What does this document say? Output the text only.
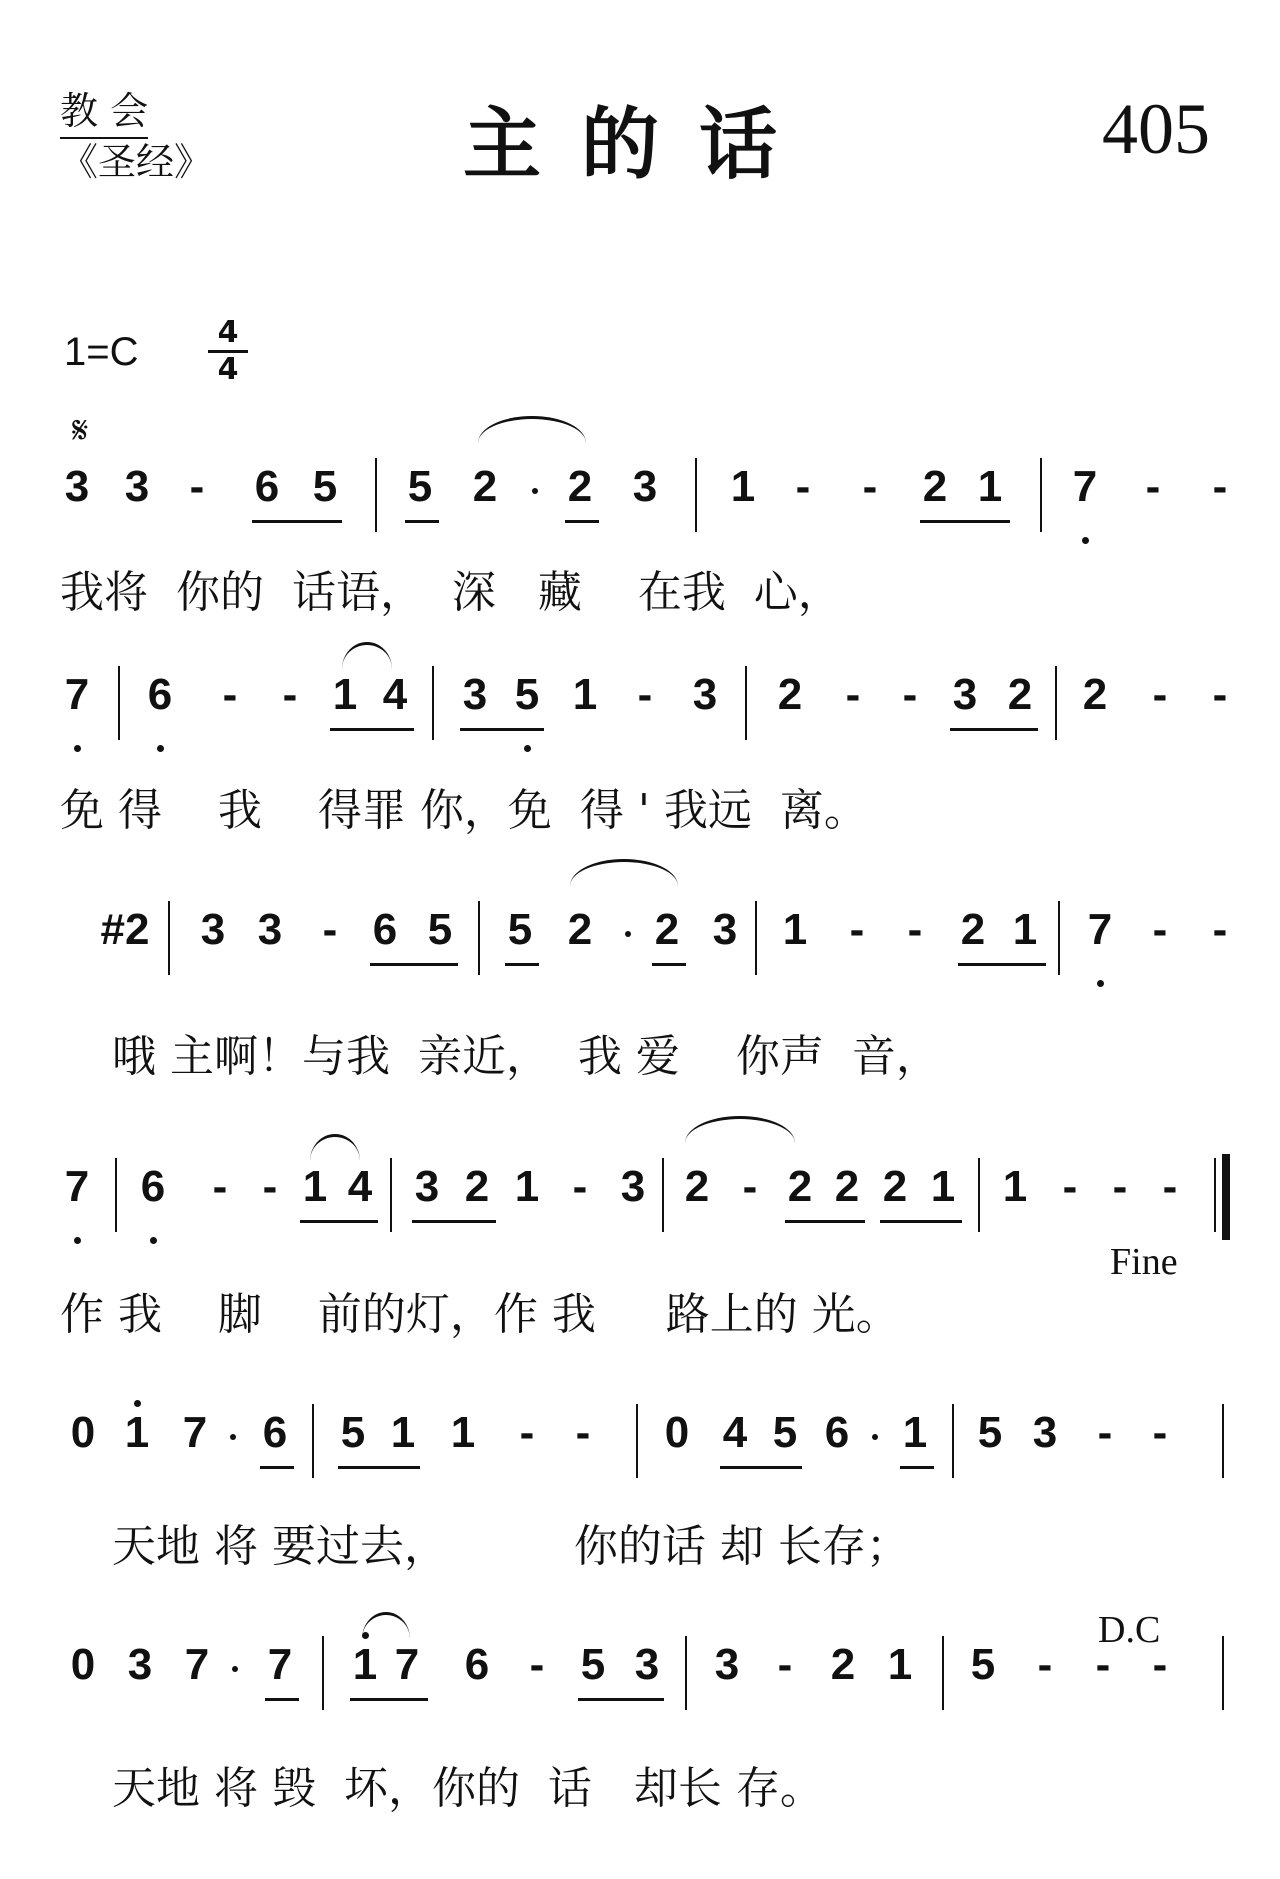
教 会
《圣经》	主的话	405
1=C	4
4
𝄋
3 3 - 6 5 5 2 2 3 1 - - 2 1 7 - -
我将  你的  话语，  深   藏    在我  心，
7 6 - - 1 4 3 5 1 - 3 2 - - 3 2 2 - -
免 得    我    得罪 你，免  得 ' 我远  离。
#2 3 3 - 6 5 5 2 2 3 1 - - 2 1 7 - -
哦 主啊！与我  亲近，  我 爱    你声  音，
7 6 - - 1 4 3 2 1 - 3 2 - 2 2 2 1 1 - - -
Fine
作 我    脚    前的灯，作 我     路上的 光。
0 1 7 6 5 1 1 - - 0 4 5 6 1 5 3 - -
天地 将 要过去，         你的话 却 长存；
0 3 7 7 1 7 6 - 5 3 3 - 2 1 5 - - -
D.C
天地 将 毁  坏，你的  话   却长 存。
